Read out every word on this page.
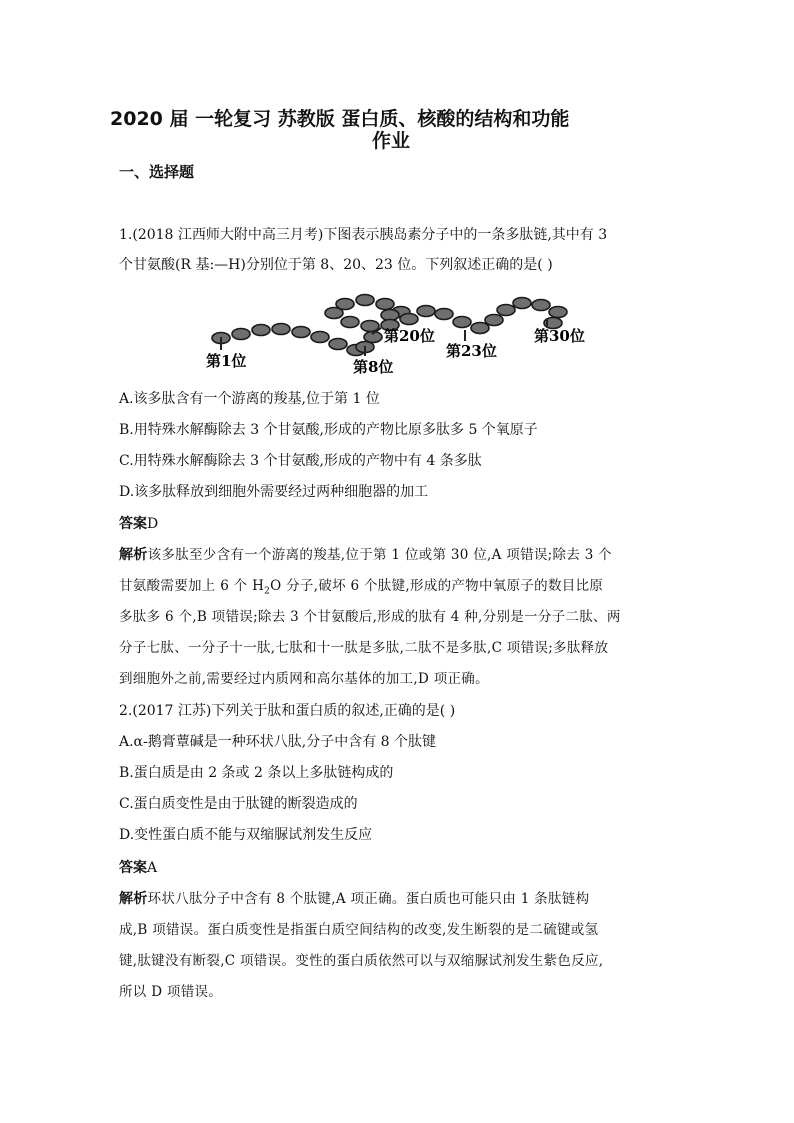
2020 届 一轮复习 苏教版 蛋白质、核酸的结构和功能
作业
一、选择题
1.(2018 江西师大附中高三月考)下图表示胰岛素分子中的一条多肽链,其中有 3
个甘氨酸(R 基:—H)分别位于第 8、20、23 位。下列叙述正确的是( )
第1位	第8位
第20位
第23位
第30位
A.该多肽含有一个游离的羧基,位于第 1 位
B.用特殊水解酶除去 3 个甘氨酸,形成的产物比原多肽多 5 个氧原子
C.用特殊水解酶除去 3 个甘氨酸,形成的产物中有 4 条多肽
D.该多肽释放到细胞外需要经过两种细胞器的加工
答案D
解析该多肽至少含有一个游离的羧基,位于第 1 位或第 30 位,A 项错误;除去 3 个
甘氨酸需要加上 6 个 $H_2O$ 分子,破坏 6 个肽键,形成的产物中氧原子的数目比原
多肽多 6 个,B 项错误;除去 3 个甘氨酸后,形成的肽有 4 种,分别是一分子二肽、两
分子七肽、一分子十一肽,七肽和十一肽是多肽,二肽不是多肽,C 项错误;多肽释放
到细胞外之前,需要经过内质网和高尔基体的加工,D 项正确。
2.(2017 江苏)下列关于肽和蛋白质的叙述,正确的是( )
A.α-鹅膏蕈碱是一种环状八肽,分子中含有 8 个肽键
B.蛋白质是由 2 条或 2 条以上多肽链构成的
C.蛋白质变性是由于肽键的断裂造成的
D.变性蛋白质不能与双缩脲试剂发生反应
答案A
解析环状八肽分子中含有 8 个肽键,A 项正确。蛋白质也可能只由 1 条肽链构
成,B 项错误。蛋白质变性是指蛋白质空间结构的改变,发生断裂的是二硫键或氢
键,肽键没有断裂,C 项错误。变性的蛋白质依然可以与双缩脲试剂发生紫色反应,
所以 D 项错误。
